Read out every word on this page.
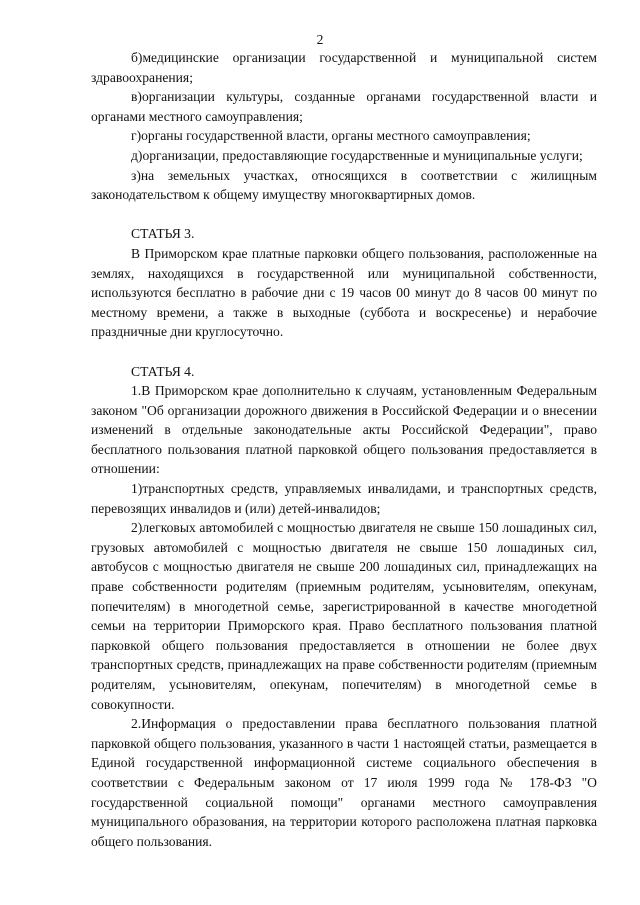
2

б)медицинские организации государственной и муниципальной систем здравоохранения;

в)организации культуры, созданные органами государственной власти и органами местного самоуправления;

г)органы государственной власти, органы местного самоуправления;

д)организации, предоставляющие государственные и муниципальные услуги;

з)на земельных участках, относящихся в соответствии с жилищным законодательством к общему имуществу многоквартирных домов.

СТАТЬЯ 3.

В Приморском крае платные парковки общего пользования, расположенные на землях, находящихся в государственной или муниципальной собственности, используются бесплатно в рабочие дни с 19 часов 00 минут до 8 часов 00 минут по местному времени, а также в выходные (суббота и воскресенье) и нерабочие праздничные дни круглосуточно.

СТАТЬЯ 4.

1.В Приморском крае дополнительно к случаям, установленным Федеральным законом "Об организации дорожного движения в Российской Федерации и о внесении изменений в отдельные законодательные акты Российской Федерации", право бесплатного пользования платной парковкой общего пользования предоставляется в отношении:

1)транспортных средств, управляемых инвалидами, и транспортных средств, перевозящих инвалидов и (или) детей-инвалидов;

2)легковых автомобилей с мощностью двигателя не свыше 150 лошадиных сил, грузовых автомобилей с мощностью двигателя не свыше 150 лошадиных сил, автобусов с мощностью двигателя не свыше 200 лошадиных сил, принадлежащих на праве собственности родителям (приемным родителям, усыновителям, опекунам, попечителям) в многодетной семье, зарегистрированной в качестве многодетной семьи на территории Приморского края. Право бесплатного пользования платной парковкой общего пользования предоставляется в отношении не более двух транспортных средств, принадлежащих на праве собственности родителям (приемным родителям, усыновителям, опекунам, попечителям) в многодетной семье в совокупности.

2.Информация о предоставлении права бесплатного пользования платной парковкой общего пользования, указанного в части 1 настоящей статьи, размещается в Единой государственной информационной системе социального обеспечения в соответствии с Федеральным законом от 17 июля 1999 года № 178-ФЗ "О государственной социальной помощи" органами местного самоуправления муниципального образования, на территории которого расположена платная парковка общего пользования.
